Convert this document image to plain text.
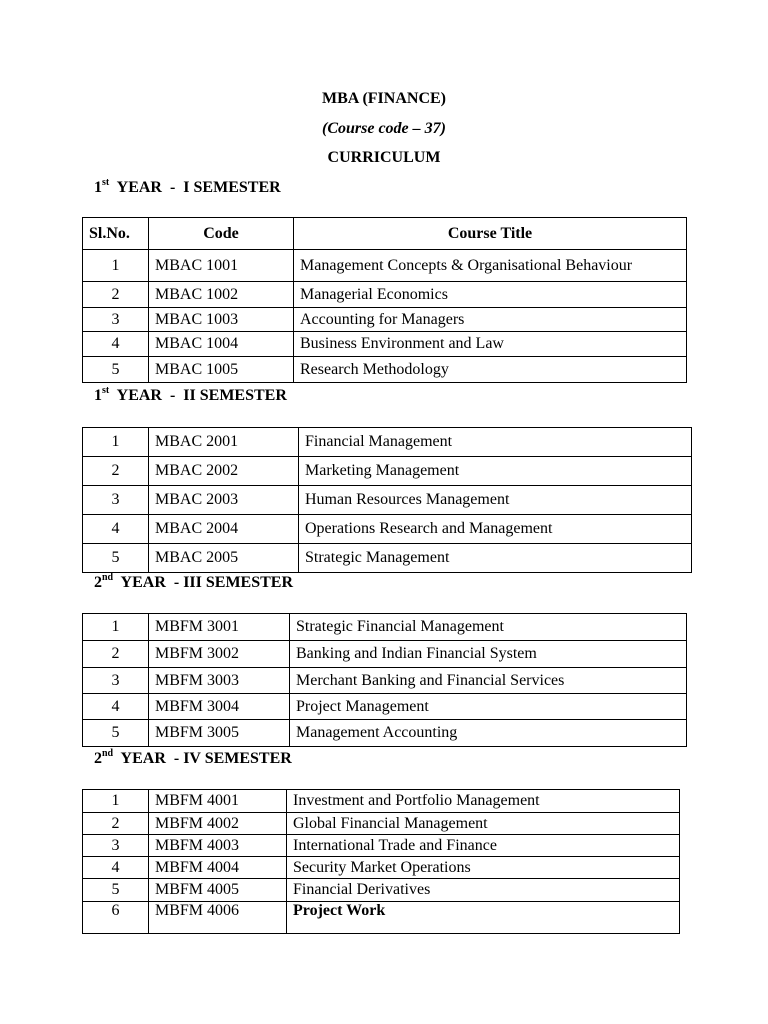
MBA (FINANCE)
(Course code – 37)
CURRICULUM
1st  YEAR  -  I SEMESTER
Sl.No.	Code	Course Title
1	MBAC 1001	Management Concepts & Organisational Behaviour
2	MBAC 1002	Managerial Economics
3	MBAC 1003	Accounting for Managers
4	MBAC 1004	Business Environment and Law
5	MBAC 1005	Research Methodology
1st  YEAR  -  II SEMESTER
1	MBAC 2001	Financial Management
2	MBAC 2002	Marketing Management
3	MBAC 2003	Human Resources Management
4	MBAC 2004	Operations Research and Management
5	MBAC 2005	Strategic Management
2nd  YEAR  - III SEMESTER
1	MBFM 3001	Strategic Financial Management
2	MBFM 3002	Banking and Indian Financial System
3	MBFM 3003	Merchant Banking and Financial Services
4	MBFM 3004	Project Management
5	MBFM 3005	Management Accounting
2nd  YEAR  - IV SEMESTER
1	MBFM 4001	Investment and Portfolio Management
2	MBFM 4002	Global Financial Management
3	MBFM 4003	International Trade and Finance
4	MBFM 4004	Security Market Operations
5	MBFM 4005	Financial Derivatives
6	MBFM 4006	Project Work
